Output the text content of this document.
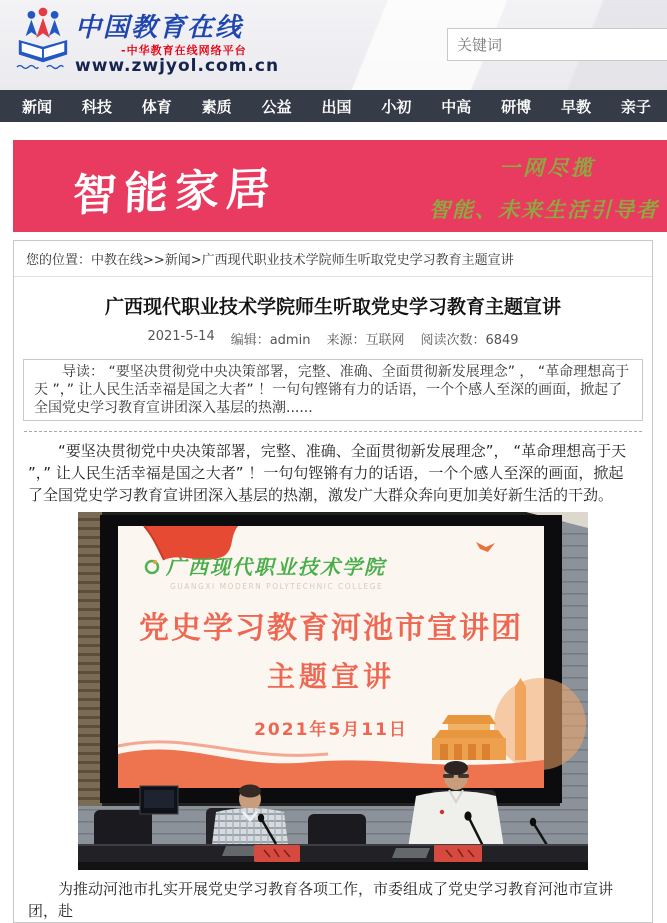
中国教育在线
-中华教育在线网络平台
www.zwjyol.com.cn
关键词
新闻 科技 体育 素质 公益 出国 小初 中高 研博 早教 亲子
智能家居	一网尽揽
智能、未来生活引导者
您的位置：中教在线>>新闻>广西现代职业技术学院师生听取党史学习教育主题宣讲
广西现代职业技术学院师生听取党史学习教育主题宣讲
2021-5-14 编辑：admin 来源：互联网 阅读次数：6849

导读： “要坚决贯彻党中央决策部署，完整、准确、全面贯彻新发展理念” ， “革命理想高于天 ”，” 让人民生活幸福是国之大者” ！一句句铿锵有力的话语，一个个感人至深的画面，掀起了全国党史学习教育宣讲团深入基层的热潮......

“要坚决贯彻党中央决策部署，完整、准确、全面贯彻新发展理念”， “革命理想高于天 ”，” 让人民生活幸福是国之大者” ！一句句铿锵有力的话语，一个个感人至深的画面，掀起了全国党史学习教育宣讲团深入基层的热潮，激发广大群众奔向更加美好新生活的干劲。

广西现代职业技术学院
GUANGXI MODERN POLYTECHNIC COLLEGE
党史学习教育河池市宣讲团
主题宣讲
2021年5月11日

为推动河池市扎实开展党史学习教育各项工作，市委组成了党史学习教育河池市宣讲团，赴
